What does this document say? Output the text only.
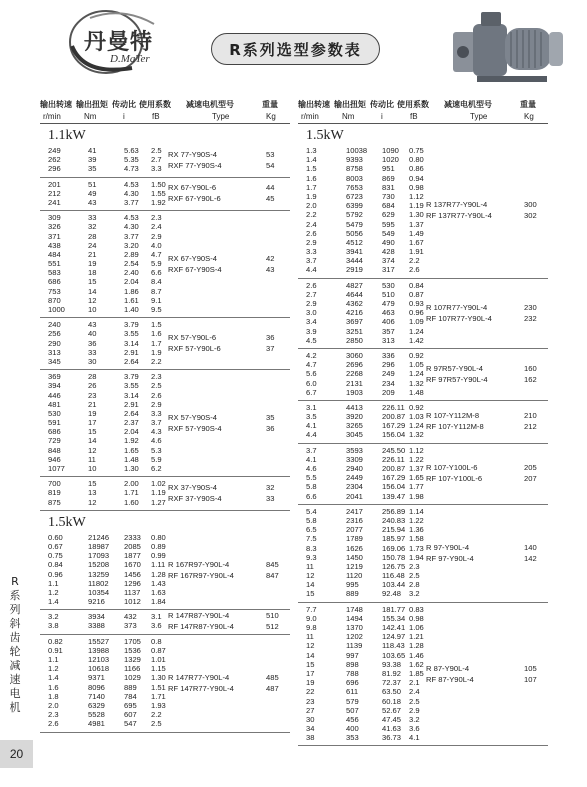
丹曼特
D.MaTer
R系列选型参数表
输出转速 输出扭矩 传动比 使用系数 减速电机型号	重量
r/min	Nm	i	fB	Type	Kg
1.1kW
249	41	5.63 2.5
262	39	5.35 2.7
296	35	4.73 3.3
RX 77-Y90S-4
RXF 77-Y90S-4
53
54
201	51	4.53 1.50
212	49	4.30 1.55
241	43	3.77 1.92
RX 67-Y90L-6
RXF 67-Y90L-6
44
45
309	33	4.53 2.3
326	32	4.30 2.4
371	28	3.77 2.9
438	24	3.20 4.0
484	21	2.89 4.7
551	19	2.54 5.9
583	18	2.40 6.6
686	15	2.04 8.4
753	14	1.86 8.7
870	12	1.61 9.1
1000	10	1.40 9.5
RX 67-Y90S-4
RXF 67-Y90S-4
42
43
240	43	3.79 1.5
256	40	3.55 1.6
290	36	3.14 1.7
313	33	2.91 1.9
345	30	2.64 2.2
RX 57-Y90L-6
RXF 57-Y90L-6
36
37
369	28	3.79 2.3
394	26	3.55 2.5
446	23	3.14 2.6
481	21	2.91 2.9
530	19	2.64 3.3
591	17	2.37 3.7
686	15	2.04 4.3
729	14	1.92 4.6
848	12	1.65 5.3
946	11	1.48 5.9
1077	10	1.30 6.2
RX 57-Y90S-4
RXF 57-Y90S-4
35
36
700	15	2.00 1.02
819	13	1.71 1.19
875	12	1.60 1.27
RX 37-Y90S-4
RXF 37-Y90S-4
32
33
1.5kW
0.60	21246 2333 0.80
0.67	18987 2085 0.89
0.75	17093 1877 0.99
0.84	15208 1670 1.11
0.96	13259 1456 1.28
1.1	11802 1296 1.43
1.2	10354 1137 1.63
1.4	9216	1012 1.84
R 167R97-Y90L-4
RF 167R97-Y90L-4
845
847
3.2	3934	432 3.1
3.8	3388	373 3.6
R 147R87-Y90L-4
RF 147R87-Y90L-4
510
512
0.82	15527 1705 0.8
0.91	13988 1536 0.87
1.1	12103 1329 1.01
1.2	10618 1166 1.15
1.4	9371	1029 1.30
1.6	8096	889 1.51
1.8	7140	784 1.71
2.0	6329	695 1.93
2.3	5528	607 2.2
2.6	4981	547 2.5
R 147R77-Y90L-4
RF 147R77-Y90L-4
485
487
输出转速 输出扭矩 传动比 使用系数 减速电机型号	重量
r/min	Nm	i	fB	Type	Kg
1.5kW
1.3	10038 1090 0.75
1.4	9393	1020 0.80
1.5	8758	951 0.86
1.6	8003	869 0.94
1.7	7653	831 0.98
1.9	6723	730 1.12
2.0	6399	684 1.19
2.2	5792	629 1.30
2.4	5479	595 1.37
2.6	5056	549 1.49
2.9	4512	490 1.67
3.3	3941	428 1.91
3.7	3444	374 2.2
4.4	2919	317 2.6
R 137R77-Y90L-4
RF 137R77-Y90L-4
300
302
2.6	4827	530 0.84
2.7	4644	510 0.87
2.9	4362	479 0.93
3.0	4216	463 0.96
3.4	3697	406 1.09
3.9	3251	357 1.24
4.5	2850	313 1.42
R 107R77-Y90L-4
RF 107R77-Y90L-4
230
232
4.2	3060	336 0.92
4.7	2696	296 1.05
5.6	2268	249 1.24
6.0	2131	234 1.32
6.7	1903	209 1.48
R 97R57-Y90L-4
RF 97R57-Y90L-4
160
162
3.1	4413	226.11 0.92
3.5	3920	200.87 1.03
4.1	3265	167.29 1.24
4.4	3045	156.04 1.32
R 107-Y112M-8
RF 107-Y112M-8
210
212
3.7	3593	245.50 1.12
4.1	3309	226.11 1.22
4.6	2940	200.87 1.37
5.5	2449	167.29 1.65
5.8	2304	156.04 1.77
6.6	2041	139.47 1.98
R 107-Y100L-6
RF 107-Y100L-6
205
207
5.4	2417	256.89 1.14
5.8	2316	240.83 1.22
6.5	2077	215.94 1.36
7.5	1789	185.97 1.58
8.3	1626	169.06 1.73
9.3	1450	150.78 1.94
11	1219	126.75 2.3
12	1120	116.48 2.5
14	995	103.44 2.8
15	889	92.48 3.2
R 97-Y90L-4
RF 97-Y90L-4
140
142
7.7	1748	181.77 0.83
9.0	1494	155.34 0.98
9.8	1370	142.41 1.06
11	1202	124.97 1.21
12	1139	118.43 1.28
14	997	103.65 1.46
15	898	93.38 1.62
17	788	81.92 1.85
19	696	72.37 2.1
22	611	63.50 2.4
23	579	60.18 2.5
27	507	52.67 2.9
30	456	47.45 3.2
34	400	41.63 3.6
38	353	36.73 4.1
R 87-Y90L-4
RF 87-Y90L-4
105
107
R系列斜齿轮减速电机
20
